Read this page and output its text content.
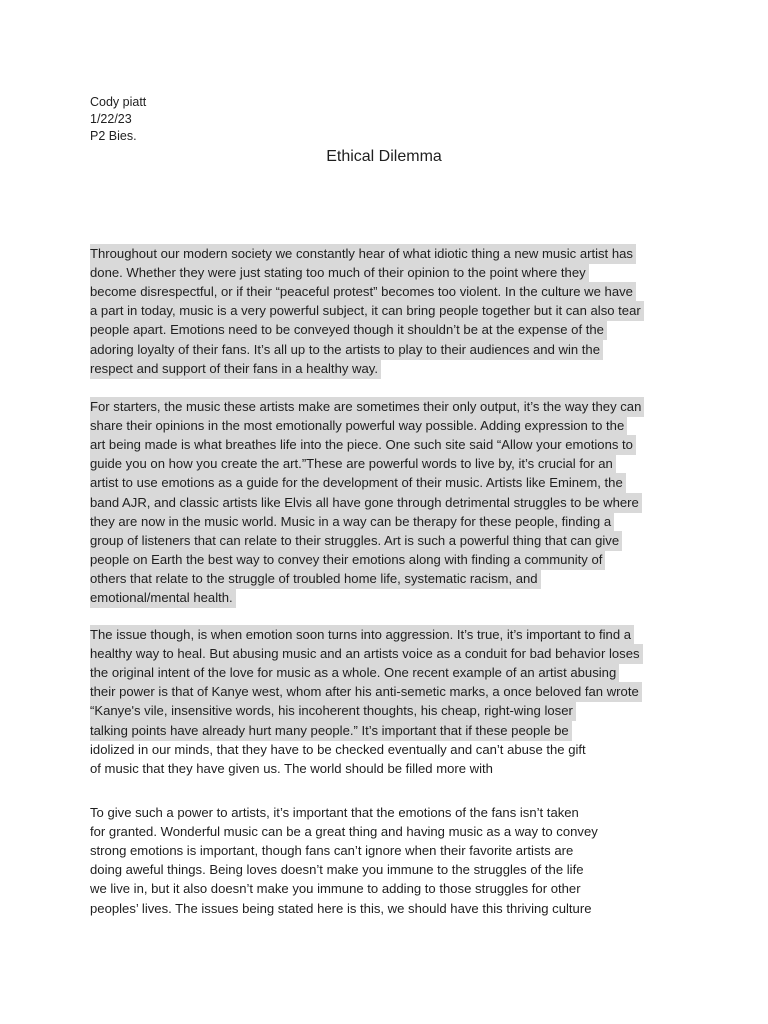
Cody piatt
1/22/23
P2 Bies.
Ethical Dilemma
Throughout our modern society we constantly hear of what idiotic thing a new music artist has
done. Whether they were just stating too much of their opinion to the point where they
become disrespectful, or if their “peaceful protest” becomes too violent. In the culture we have
a part in today, music is a very powerful subject, it can bring people together but it can also tear
people apart. Emotions need to be conveyed though it shouldn’t be at the expense of the
adoring loyalty of their fans. It’s all up to the artists to play to their audiences and win the
respect and support of their fans in a healthy way.
For starters, the music these artists make are sometimes their only output, it’s the way they can
share their opinions in the most emotionally powerful way possible. Adding expression to the
art being made is what breathes life into the piece. One such site said “Allow your emotions to
guide you on how you create the art.”These are powerful words to live by, it’s crucial for an
artist to use emotions as a guide for the development of their music. Artists like Eminem, the
band AJR, and classic artists like Elvis all have gone through detrimental struggles to be where
they are now in the music world. Music in a way can be therapy for these people, finding a
group of listeners that can relate to their struggles. Art is such a powerful thing that can give
people on Earth the best way to convey their emotions along with finding a community of
others that relate to the struggle of troubled home life, systematic racism, and
emotional/mental health.
The issue though, is when emotion soon turns into aggression. It’s true, it’s important to find a
healthy way to heal. But abusing music and an artists voice as a conduit for bad behavior loses
the original intent of the love for music as a whole. One recent example of an artist abusing
their power is that of Kanye west, whom after his anti-semetic marks, a once beloved fan wrote
“Kanye's vile, insensitive words, his incoherent thoughts, his cheap, right-wing loser
talking points have already hurt many people.” It’s important that if these people be
idolized in our minds, that they have to be checked eventually and can’t abuse the gift
of music that they have given us. The world should be filled more with
To give such a power to artists, it’s important that the emotions of the fans isn’t taken
for granted. Wonderful music can be a great thing and having music as a way to convey
strong emotions is important, though fans can’t ignore when their favorite artists are
doing aweful things. Being loves doesn’t make you immune to the struggles of the life
we live in, but it also doesn’t make you immune to adding to those struggles for other
peoples’ lives. The issues being stated here is this, we should have this thriving culture
